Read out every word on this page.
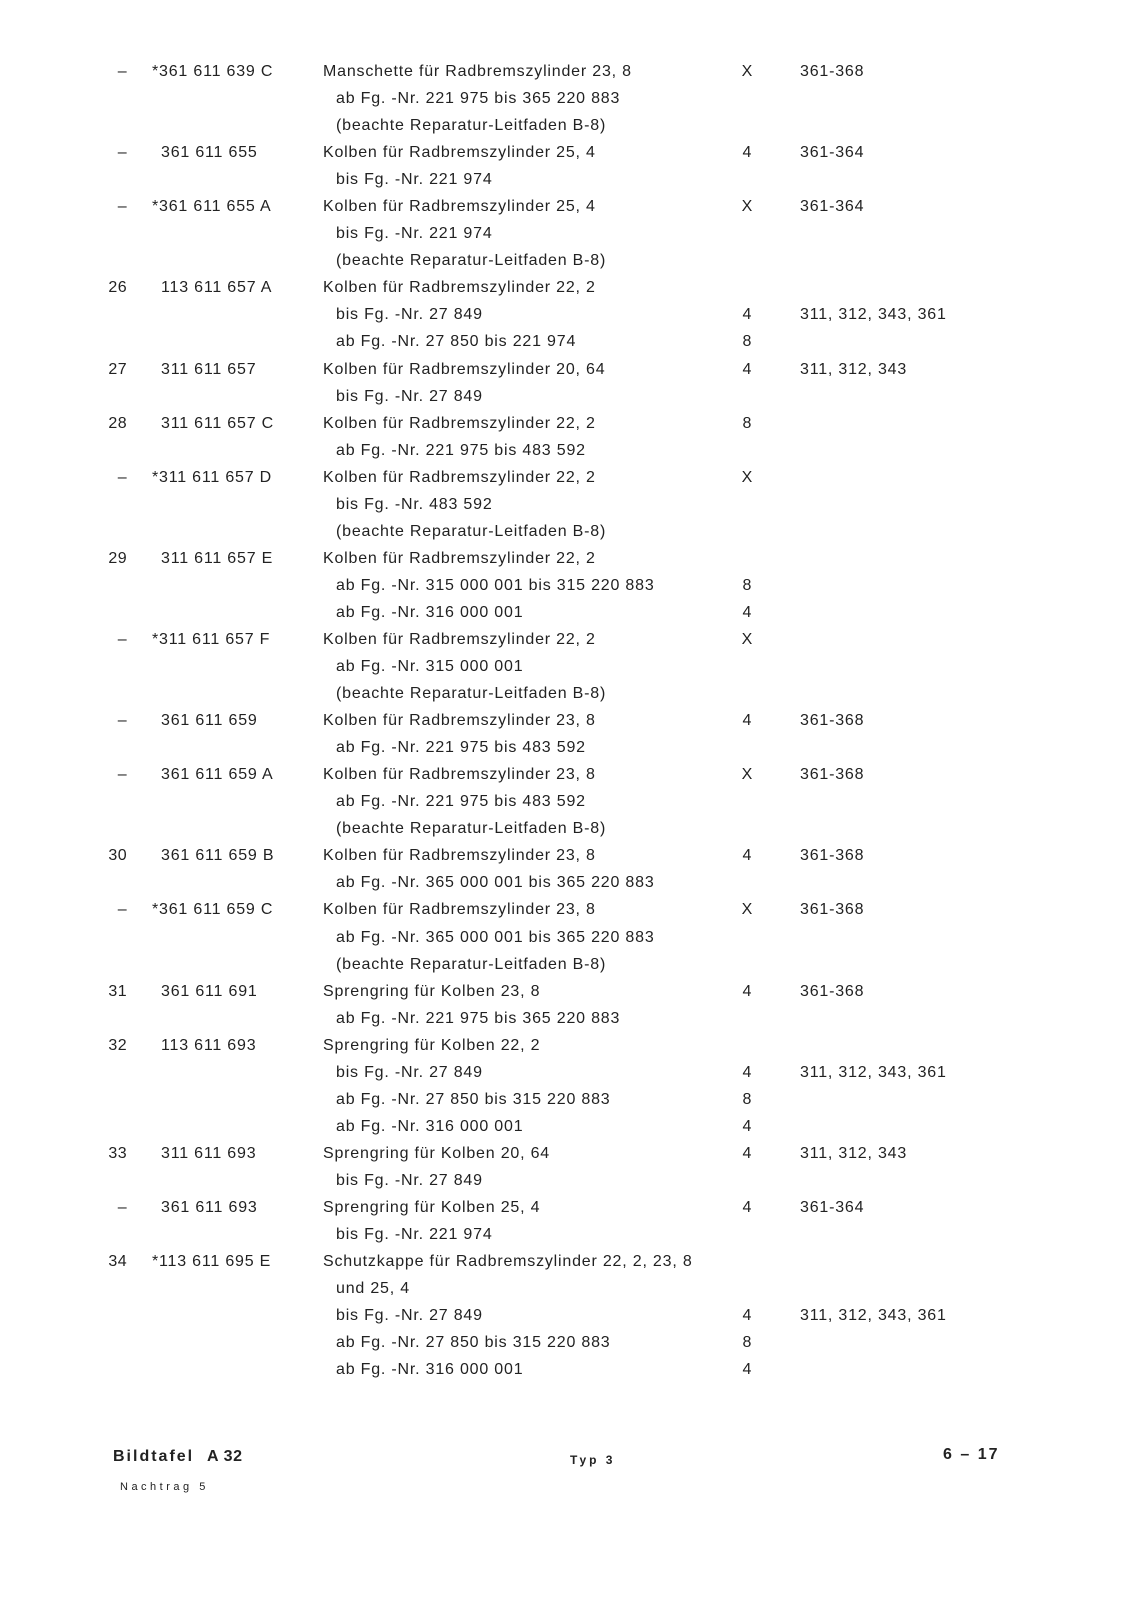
– *361 611 639 C	Manschette für Radbremszylinder 23, 8	X	361-368
ab Fg. -Nr. 221 975 bis 365 220 883
(beachte Reparatur-Leitfaden B-8)
– 361 611 655	Kolben für Radbremszylinder 25, 4	4	361-364
bis Fg. -Nr. 221 974
– *361 611 655 A	Kolben für Radbremszylinder 25, 4	X	361-364
bis Fg. -Nr. 221 974
(beachte Reparatur-Leitfaden B-8)
26 113 611 657 A	Kolben für Radbremszylinder 22, 2
bis Fg. -Nr. 27 849	4	311, 312, 343, 361
ab Fg. -Nr. 27 850 bis 221 974	8
27 311 611 657	Kolben für Radbremszylinder 20, 64	4	311, 312, 343
bis Fg. -Nr. 27 849
28 311 611 657 C	Kolben für Radbremszylinder 22, 2	8
ab Fg. -Nr. 221 975 bis 483 592
– *311 611 657 D	Kolben für Radbremszylinder 22, 2	X
bis Fg. -Nr. 483 592
(beachte Reparatur-Leitfaden B-8)
29 311 611 657 E	Kolben für Radbremszylinder 22, 2
ab Fg. -Nr. 315 000 001 bis 315 220 883	8
ab Fg. -Nr. 316 000 001	4
– *311 611 657 F	Kolben für Radbremszylinder 22, 2	X
ab Fg. -Nr. 315 000 001
(beachte Reparatur-Leitfaden B-8)
– 361 611 659	Kolben für Radbremszylinder 23, 8	4	361-368
ab Fg. -Nr. 221 975 bis 483 592
– 361 611 659 A	Kolben für Radbremszylinder 23, 8	X	361-368
ab Fg. -Nr. 221 975 bis 483 592
(beachte Reparatur-Leitfaden B-8)
30 361 611 659 B	Kolben für Radbremszylinder 23, 8	4	361-368
ab Fg. -Nr. 365 000 001 bis 365 220 883
– *361 611 659 C	Kolben für Radbremszylinder 23, 8	X	361-368
ab Fg. -Nr. 365 000 001 bis 365 220 883
(beachte Reparatur-Leitfaden B-8)
31 361 611 691	Sprengring für Kolben 23, 8	4	361-368
ab Fg. -Nr. 221 975 bis 365 220 883
32 113 611 693	Sprengring für Kolben 22, 2
bis Fg. -Nr. 27 849	4	311, 312, 343, 361
ab Fg. -Nr. 27 850 bis 315 220 883	8
ab Fg. -Nr. 316 000 001	4
33 311 611 693	Sprengring für Kolben 20, 64	4	311, 312, 343
bis Fg. -Nr. 27 849
– 361 611 693	Sprengring für Kolben 25, 4	4	361-364
bis Fg. -Nr. 221 974
34 *113 611 695 E	Schutzkappe für Radbremszylinder 22, 2, 23, 8
und 25, 4
bis Fg. -Nr. 27 849	4	311, 312, 343, 361
ab Fg. -Nr. 27 850 bis 315 220 883	8
ab Fg. -Nr. 316 000 001	4
Bildtafel A 32	Typ 3	6 – 17
Nachtrag 5
